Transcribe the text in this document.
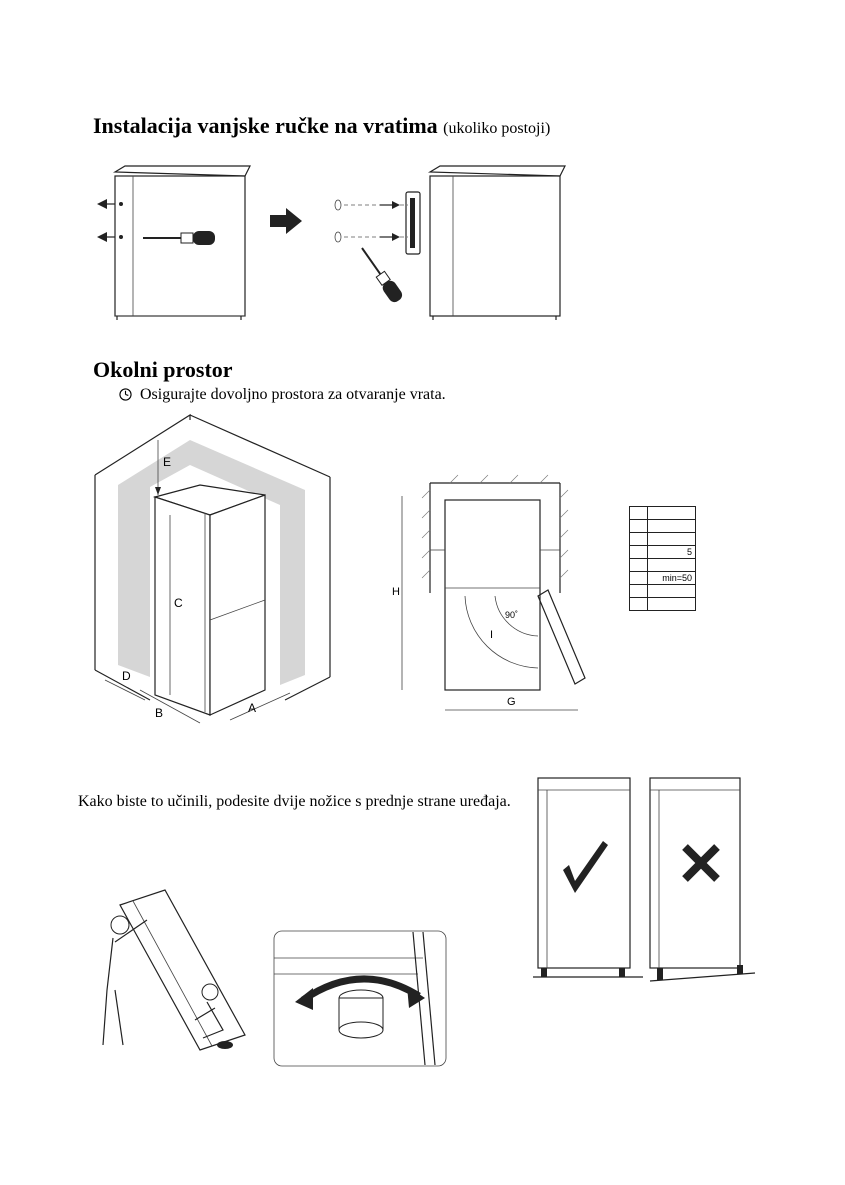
Instalacija vanjske ručke na vratima (ukoliko postoji)
Okolni prostor
Osigurajte dovoljno prostora za otvaranje vrata.
E
C
D
B	A
H
G
I
90˚

	5

	min=50

Kako biste to učinili, podesite dvije nožice s prednje strane uređaja.
